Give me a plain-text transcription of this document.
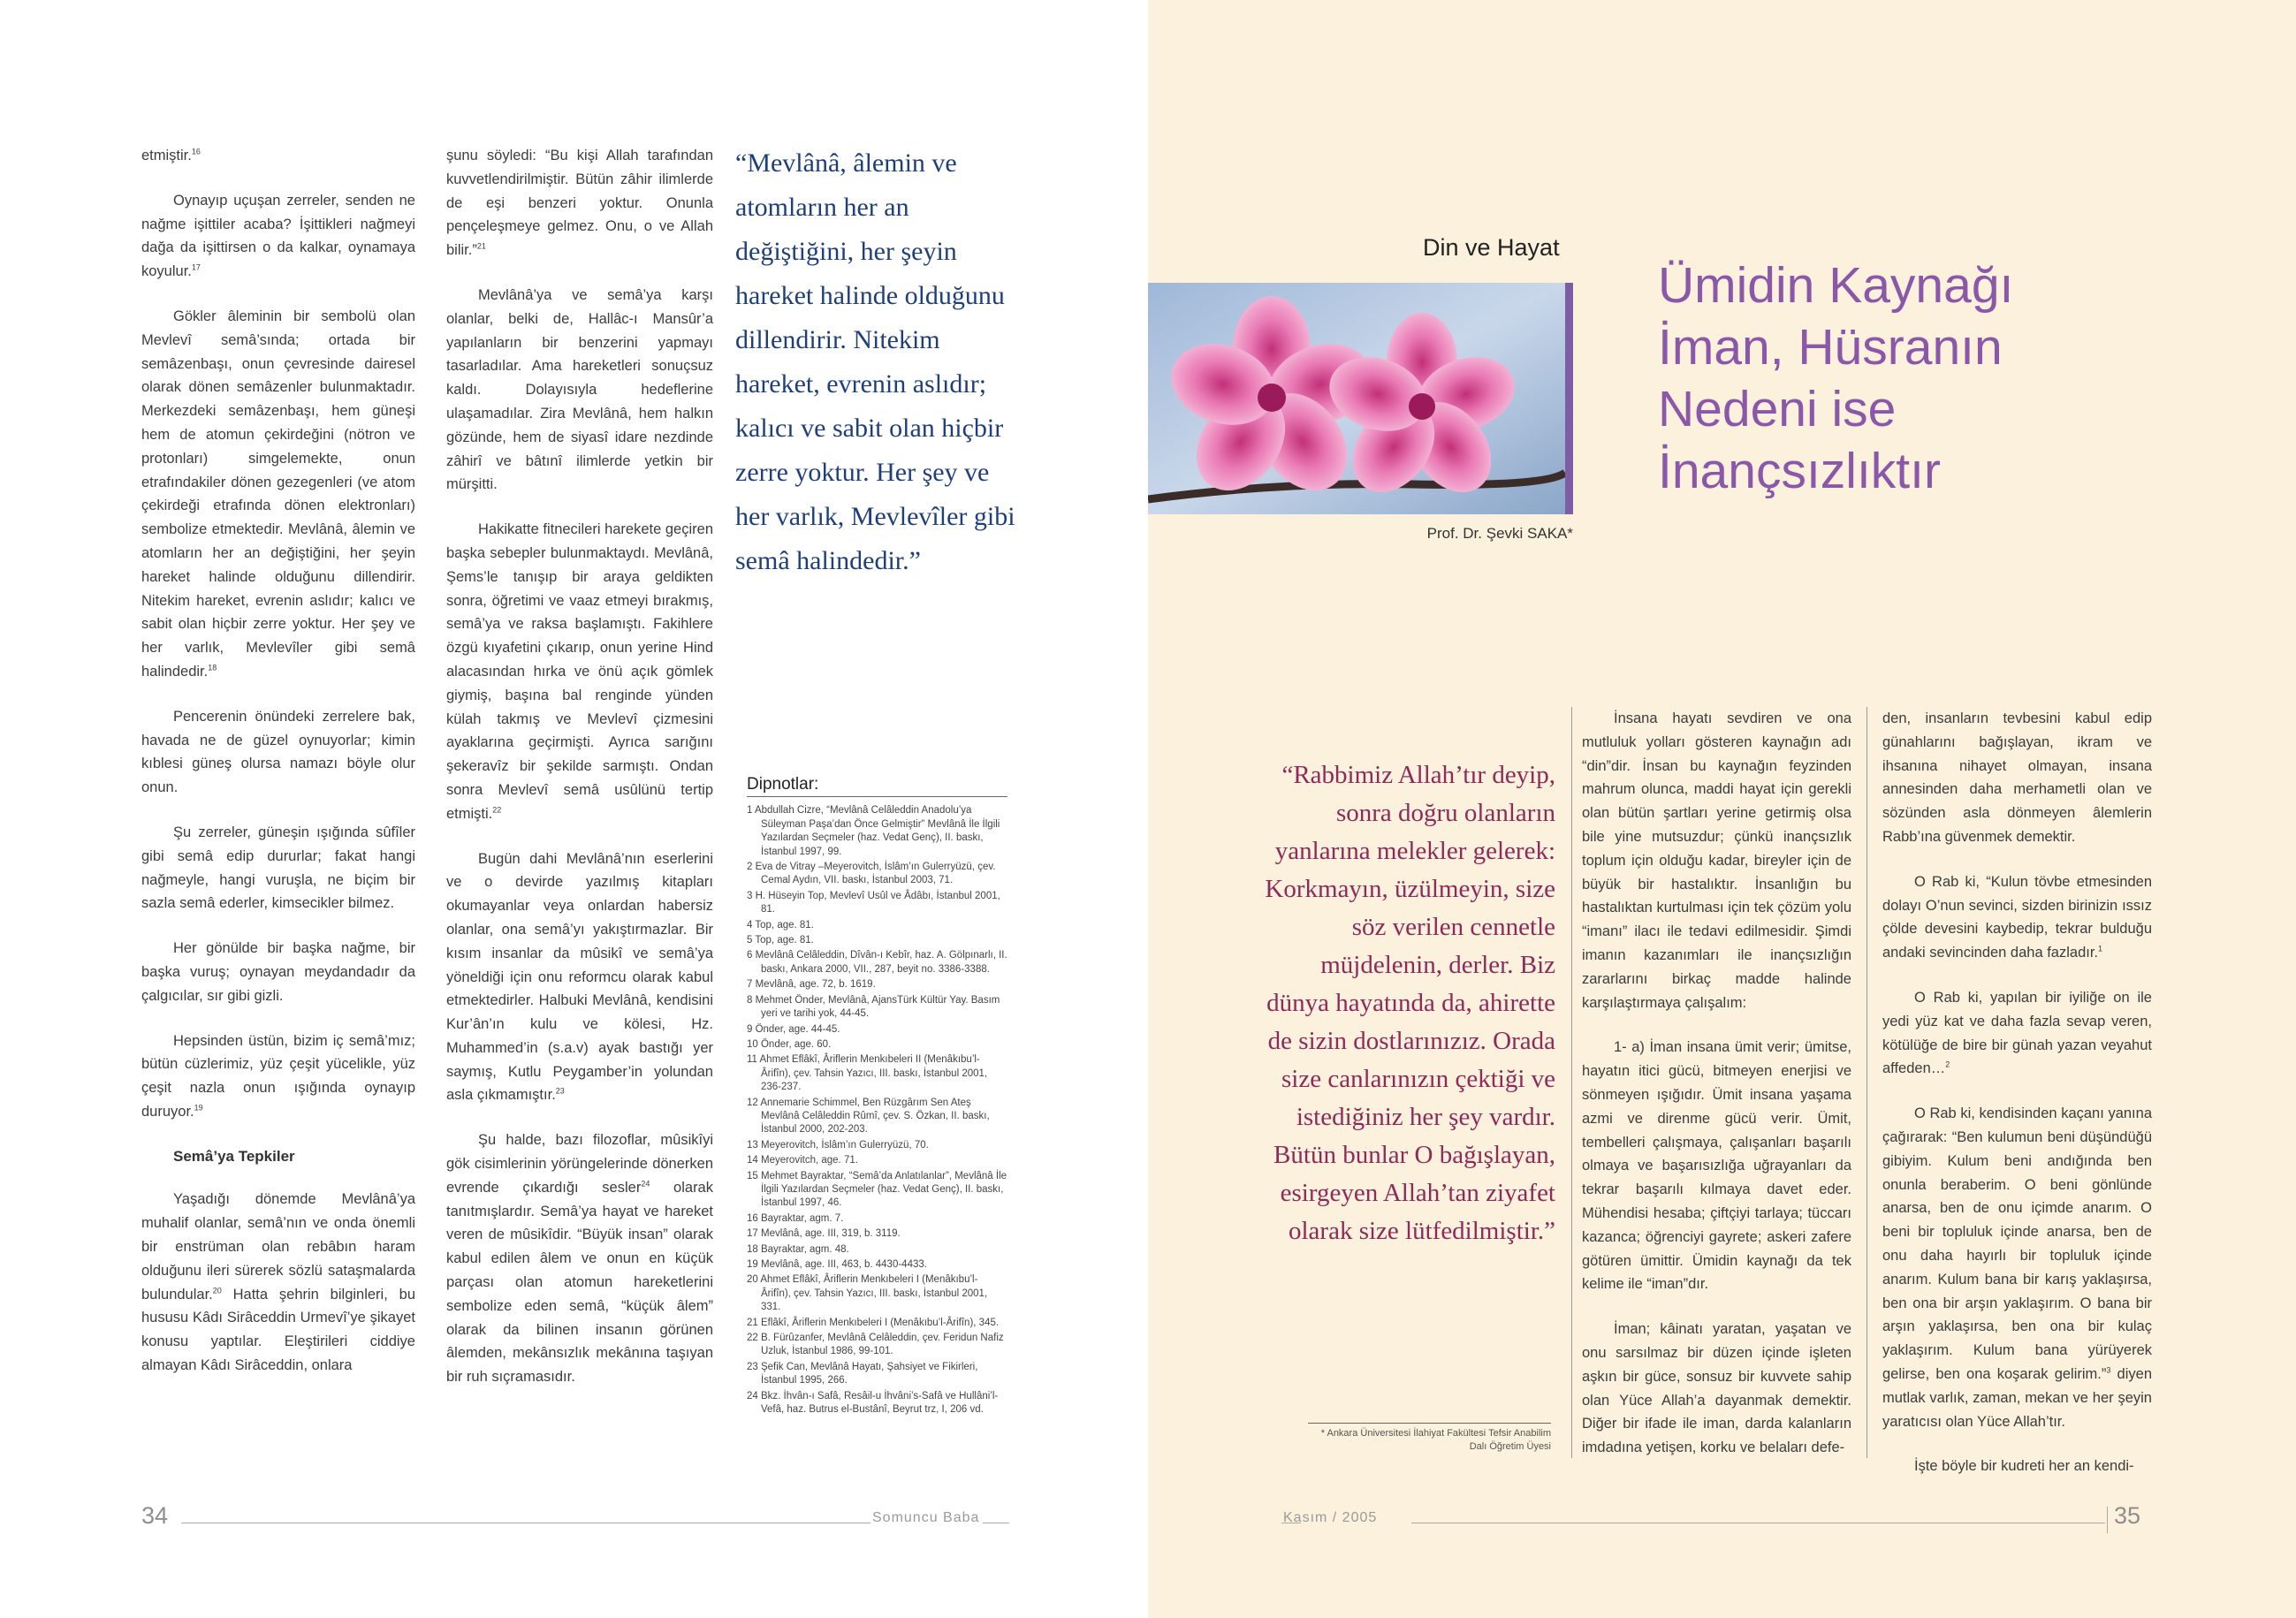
etmiştir.$^{16}$

Oynayıp uçuşan zerreler, senden ne nağme işittiler acaba? İşittikleri nağmeyi dağa da işittirsen o da kalkar, oynamaya koyulur.$^{17}$

Gökler âleminin bir sembolü olan Mevlevî semâ’sında; ortada bir semâzenbaşı, onun çevresinde dairesel olarak dönen semâzenler bulunmaktadır. Merkezdeki semâzenbaşı, hem güneşi hem de atomun çekirdeğini (nötron ve protonları) simgelemekte, onun etrafındakiler dönen gezegenleri (ve atom çekirdeği etrafında dönen elektronları) sembolize etmektedir. Mevlânâ, âlemin ve atomların her an değiştiğini, her şeyin hareket halinde olduğunu dillendirir. Nitekim hareket, evrenin aslıdır; kalıcı ve sabit olan hiçbir zerre yoktur. Her şey ve her varlık, Mevlevîler gibi semâ halindedir.$^{18}$

Pencerenin önündeki zerrelere bak, havada ne de güzel oynuyorlar; kimin kıblesi güneş olursa namazı böyle olur onun.

Şu zerreler, güneşin ışığında sûfîler gibi semâ edip dururlar; fakat hangi nağmeyle, hangi vuruşla, ne biçim bir sazla semâ ederler, kimsecikler bilmez.

Her gönülde bir başka nağme, bir başka vuruş; oynayan meydandadır da çalgıcılar, sır gibi gizli.

Hepsinden üstün, bizim iç semâ’mız; bütün cüzlerimiz, yüz çeşit yücelikle, yüz çeşit nazla onun ışığında oynayıp duruyor.$^{19}$

Semâ’ya Tepkiler

Yaşadığı dönemde Mevlânâ’ya muhalif olanlar, semâ’nın ve onda önemli bir enstrüman olan rebâbın haram olduğunu ileri sürerek sözlü sataşmalarda bulundular.$^{20}$ Hatta şehrin bilginleri, bu hususu Kâdı Sirâceddin Urmevî’ye şikayet konusu yaptılar. Eleştirileri ciddiye almayan Kâdı Sirâceddin, onlara

şunu söyledi: “Bu kişi Allah tarafından kuvvetlendirilmiştir. Bütün zâhir ilimlerde de eşi benzeri yoktur. Onunla pençeleşmeye gelmez. Onu, o ve Allah bilir.”$^{21}$

Mevlânâ’ya ve semâ’ya karşı olanlar, belki de, Hallâc-ı Mansûr’a yapılanların bir benzerini yapmayı tasarladılar. Ama hareketleri sonuçsuz kaldı. Dolayısıyla hedeflerine ulaşamadılar. Zira Mevlânâ, hem halkın gözünde, hem de siyasî idare nezdinde zâhirî ve bâtınî ilimlerde yetkin bir mürşitti.

Hakikatte fitnecileri harekete geçiren başka sebepler bulunmaktaydı. Mevlânâ, Şems’le tanışıp bir araya geldikten sonra, öğretimi ve vaaz etmeyi bırakmış, semâ’ya ve raksa başlamıştı. Fakihlere özgü kıyafetini çıkarıp, onun yerine Hind alacasından hırka ve önü açık gömlek giymiş, başına bal renginde yünden külah takmış ve Mevlevî çizmesini ayaklarına geçirmişti. Ayrıca sarığını şekeravîz bir şekilde sarmıştı. Ondan sonra Mevlevî semâ usûlünü tertip etmişti.$^{22}$

Bugün dahi Mevlânâ’nın eserlerini ve o devirde yazılmış kitapları okumayanlar veya onlardan habersiz olanlar, ona semâ’yı yakıştırmazlar. Bir kısım insanlar da mûsikî ve semâ’ya yöneldiği için onu reformcu olarak kabul etmektedirler. Halbuki Mevlânâ, kendisini Kur’ân’ın kulu ve kölesi, Hz. Muhammed’in (s.a.v) ayak bastığı yer saymış, Kutlu Peygamber’in yolundan asla çıkmamıştır.$^{23}$

Şu halde, bazı filozoflar, mûsikîyi gök cisimlerinin yörüngelerinde dönerken evrende çıkardığı sesler$^{24}$ olarak tanıtmışlardır. Semâ’ya hayat ve hareket veren de mûsikîdir. “Büyük insan” olarak kabul edilen âlem ve onun en küçük parçası olan atomun hareketlerini sembolize eden semâ, “küçük âlem” olarak da bilinen insanın görünen âlemden, mekânsızlık mekânına taşıyan bir ruh sıçramasıdır.

“Mevlânâ, âlemin ve atomların her an değiştiğini, her şeyin hareket halinde olduğunu dillendirir. Nitekim hareket, evrenin aslıdır; kalıcı ve sabit olan hiçbir zerre yoktur. Her şey ve her varlık, Mevlevîler gibi semâ halindedir.”
Dipnotlar:
1 Abdullah Cizre, “Mevlânâ Celâleddin Anadolu’ya Süleyman Paşa’dan Önce Gelmiştir” Mevlânâ İle İlgili Yazılardan Seçmeler (haz. Vedat Genç), II. baskı, İstanbul 1997, 99.
2 Eva de Vitray –Meyerovitch, İslâm’ın Gulerryüzü, çev. Cemal Aydın, VII. baskı, İstanbul 2003, 71.
3 H. Hüseyin Top, Mevlevî Usûl ve Âdâbı, İstanbul 2001, 81.
4 Top, age. 81.
5 Top, age. 81.
6 Mevlânâ Celâleddin, Dîvân-ı Kebîr, haz. A. Gölpınarlı, II. baskı, Ankara 2000, VII., 287, beyit no. 3386-3388.
7 Mevlânâ, age. 72, b. 1619.
8 Mehmet Önder, Mevlânâ, AjansTürk Kültür Yay. Basım yeri ve tarihi yok, 44-45.
9 Önder, age. 44-45.
10 Önder, age. 60.
11 Ahmet Eflâkî, Âriflerin Menkıbeleri II (Menâkıbu’l-Ârifîn), çev. Tahsin Yazıcı, III. baskı, İstanbul 2001, 236-237.
12 Annemarie Schimmel, Ben Rüzgârım Sen Ateş Mevlânâ Celâleddin Rûmî, çev. S. Özkan, II. baskı, İstanbul 2000, 202-203.
13 Meyerovitch, İslâm’ın Gulerryüzü, 70.
14 Meyerovitch, age. 71.
15 Mehmet Bayraktar, “Semâ’da Anlatılanlar”, Mevlânâ İle İlgili Yazılardan Seçmeler (haz. Vedat Genç), II. baskı, İstanbul 1997, 46.
16 Bayraktar, agm. 7.
17 Mevlânâ, age. III, 319, b. 3119.
18 Bayraktar, agm. 48.
19 Mevlânâ, age. III, 463, b. 4430-4433.
20 Ahmet Eflâkî, Âriflerin Menkıbeleri I (Menâkıbu’l-Ârifîn), çev. Tahsin Yazıcı, III. baskı, İstanbul 2001, 331.
21 Eflâkî, Âriflerin Menkıbeleri I (Menâkıbu’l-Ârifîn), 345.
22 B. Fürûzanfer, Mevlânâ Celâleddin, çev. Feridun Nafiz Uzluk, İstanbul 1986, 99-101.
23 Şefik Can, Mevlânâ Hayatı, Şahsiyet ve Fikirleri, İstanbul 1995, 266.
24 Bkz. İhvân-ı Safâ, Resâil-u İhvâni’s-Safâ ve Hullâni’l-Vefâ, haz. Butrus el-Bustânî, Beyrut trz, I, 206 vd.
34	Somuncu Baba
Din ve Hayat
Prof. Dr. Şevki SAKA*
Ümidin Kaynağı
İman, Hüsranın
Nedeni ise
İnançsızlıktır
“Rabbimiz Allah’tır deyip, sonra doğru olanların yanlarına melekler gelerek: Korkmayın, üzülmeyin, size söz verilen cennetle müjdelenin, derler. Biz dünya hayatında da, ahirette de sizin dostlarınızız. Orada size canlarınızın çektiği ve istediğiniz her şey vardır. Bütün bunlar O bağışlayan, esirgeyen Allah’tan ziyafet olarak size lütfedilmiştir.”
* Ankara Üniversitesi İlahiyat Fakültesi Tefsir Anabilim Dalı Öğretim Üyesi

İnsana hayatı sevdiren ve ona mutluluk yolları gösteren kaynağın adı “din”dir. İnsan bu kaynağın feyzinden mahrum olunca, maddi hayat için gerekli olan bütün şartları yerine getirmiş olsa bile yine mutsuzdur; çünkü inançsızlık toplum için olduğu kadar, bireyler için de büyük bir hastalıktır. İnsanlığın bu hastalıktan kurtulması için tek çözüm yolu “imanı” ilacı ile tedavi edilmesidir. Şimdi imanın kazanımları ile inançsızlığın zararlarını birkaç madde halinde karşılaştırmaya çalışalım:

1- a) İman insana ümit verir; ümitse, hayatın itici gücü, bitmeyen enerjisi ve sönmeyen ışığıdır. Ümit insana yaşama azmi ve direnme gücü verir. Ümit, tembelleri çalışmaya, çalışanları başarılı olmaya ve başarısızlığa uğrayanları da tekrar başarılı kılmaya davet eder. Mühendisi hesaba; çiftçiyi tarlaya; tüccarı kazanca; öğrenciyi gayrete; askeri zafere götüren ümittir. Ümidin kaynağı da tek kelime ile “iman”dır.

İman; kâinatı yaratan, yaşatan ve onu sarsılmaz bir düzen içinde işleten aşkın bir güce, sonsuz bir kuvvete sahip olan Yüce Allah’a dayanmak demektir. Diğer bir ifade ile iman, darda kalanların imdadına yetişen, korku ve belaları defe-

den, insanların tevbesini kabul edip günahlarını bağışlayan, ikram ve ihsanına nihayet olmayan, insana annesinden daha merhametli olan ve sözünden asla dönmeyen âlemlerin Rabb’ına güvenmek demektir.

O Rab ki, “Kulun tövbe etmesinden dolayı O’nun sevinci, sizden birinizin ıssız çölde devesini kaybedip, tekrar bulduğu andaki sevincinden daha fazladır.$^1$

O Rab ki, yapılan bir iyiliğe on ile yedi yüz kat ve daha fazla sevap veren, kötülüğe de bire bir günah yazan veyahut affeden…$^2$

O Rab ki, kendisinden kaçanı yanına çağırarak: “Ben kulumun beni düşündüğü gibiyim. Kulum beni andığında ben onunla beraberim. O beni gönlünde anarsa, ben de onu içimde anarım. O beni bir topluluk içinde anarsa, ben de onu daha hayırlı bir topluluk içinde anarım. Kulum bana bir karış yaklaşırsa, ben ona bir arşın yaklaşırım. O bana bir arşın yaklaşırsa, ben ona bir kulaç yaklaşırım. Kulum bana yürüyerek gelirse, ben ona koşarak gelirim.”$^3$ diyen mutlak varlık, zaman, mekan ve her şeyin yaratıcısı olan Yüce Allah’tır.

İşte böyle bir kudreti her an kendi-

Kasım / 2005	35
